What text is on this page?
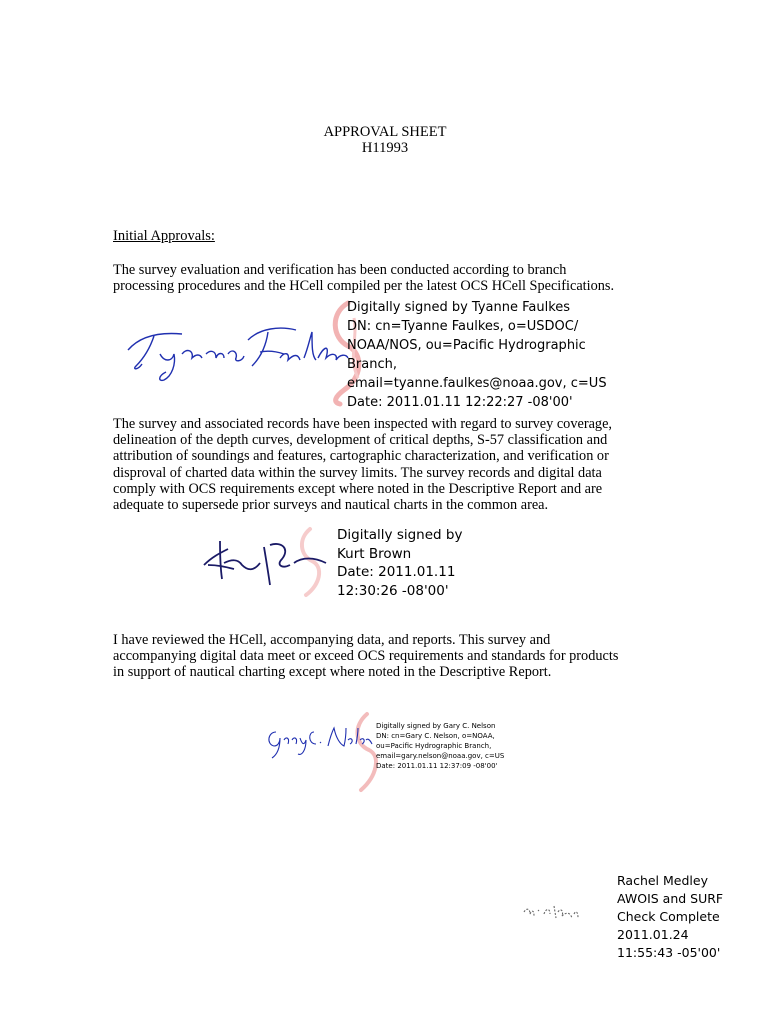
APPROVAL SHEET
H11993
Initial Approvals:
The survey evaluation and verification has been conducted according to branch
processing procedures and the HCell compiled per the latest OCS HCell Specifications.
Digitally signed by Tyanne Faulkes
DN: cn=Tyanne Faulkes, o=USDOC/
NOAA/NOS, ou=Pacific Hydrographic
Branch,
email=tyanne.faulkes@noaa.gov, c=US
Date: 2011.01.11 12:22:27 -08'00'
The survey and associated records have been inspected with regard to survey coverage,
delineation of the depth curves, development of critical depths, S-57 classification and
attribution of soundings and features, cartographic characterization, and verification or
disproval of charted data within the survey limits. The survey records and digital data
comply with OCS requirements except where noted in the Descriptive Report and are
adequate to supersede prior surveys and nautical charts in the common area.
Digitally signed by
Kurt Brown
Date: 2011.01.11
12:30:26 -08'00'
I have reviewed the HCell, accompanying data, and reports. This survey and
accompanying digital data meet or exceed OCS requirements and standards for products
in support of nautical charting except where noted in the Descriptive Report.
Digitally signed by Gary C. Nelson
DN: cn=Gary C. Nelson, o=NOAA,
ou=Pacific Hydrographic Branch,
email=gary.nelson@noaa.gov, c=US
Date: 2011.01.11 12:37:09 -08'00'
Rachel Medley
AWOIS and SURF
Check Complete
2011.01.24
11:55:43 -05'00'
